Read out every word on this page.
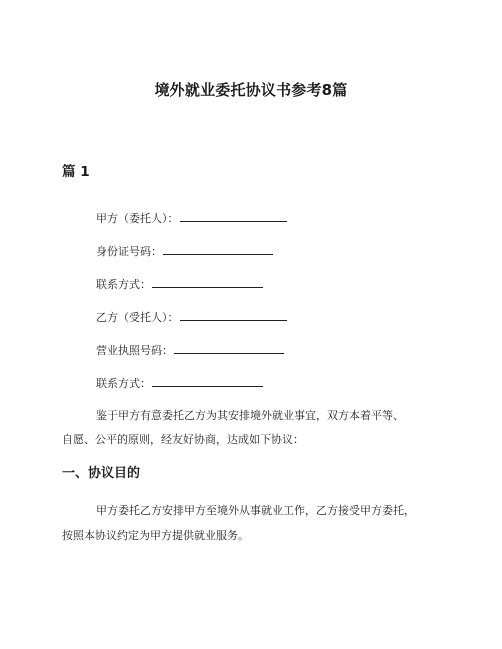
境外就业委托协议书参考8篇
篇 1
甲方（委托人）：
身份证号码：
联系方式：
乙方（受托人）：
营业执照号码：
联系方式：
鉴于甲方有意委托乙方为其安排境外就业事宜，双方本着平等、
自愿、公平的原则，经友好协商，达成如下协议：
一、协议目的
甲方委托乙方安排甲方至境外从事就业工作，乙方接受甲方委托，
按照本协议约定为甲方提供就业服务。
